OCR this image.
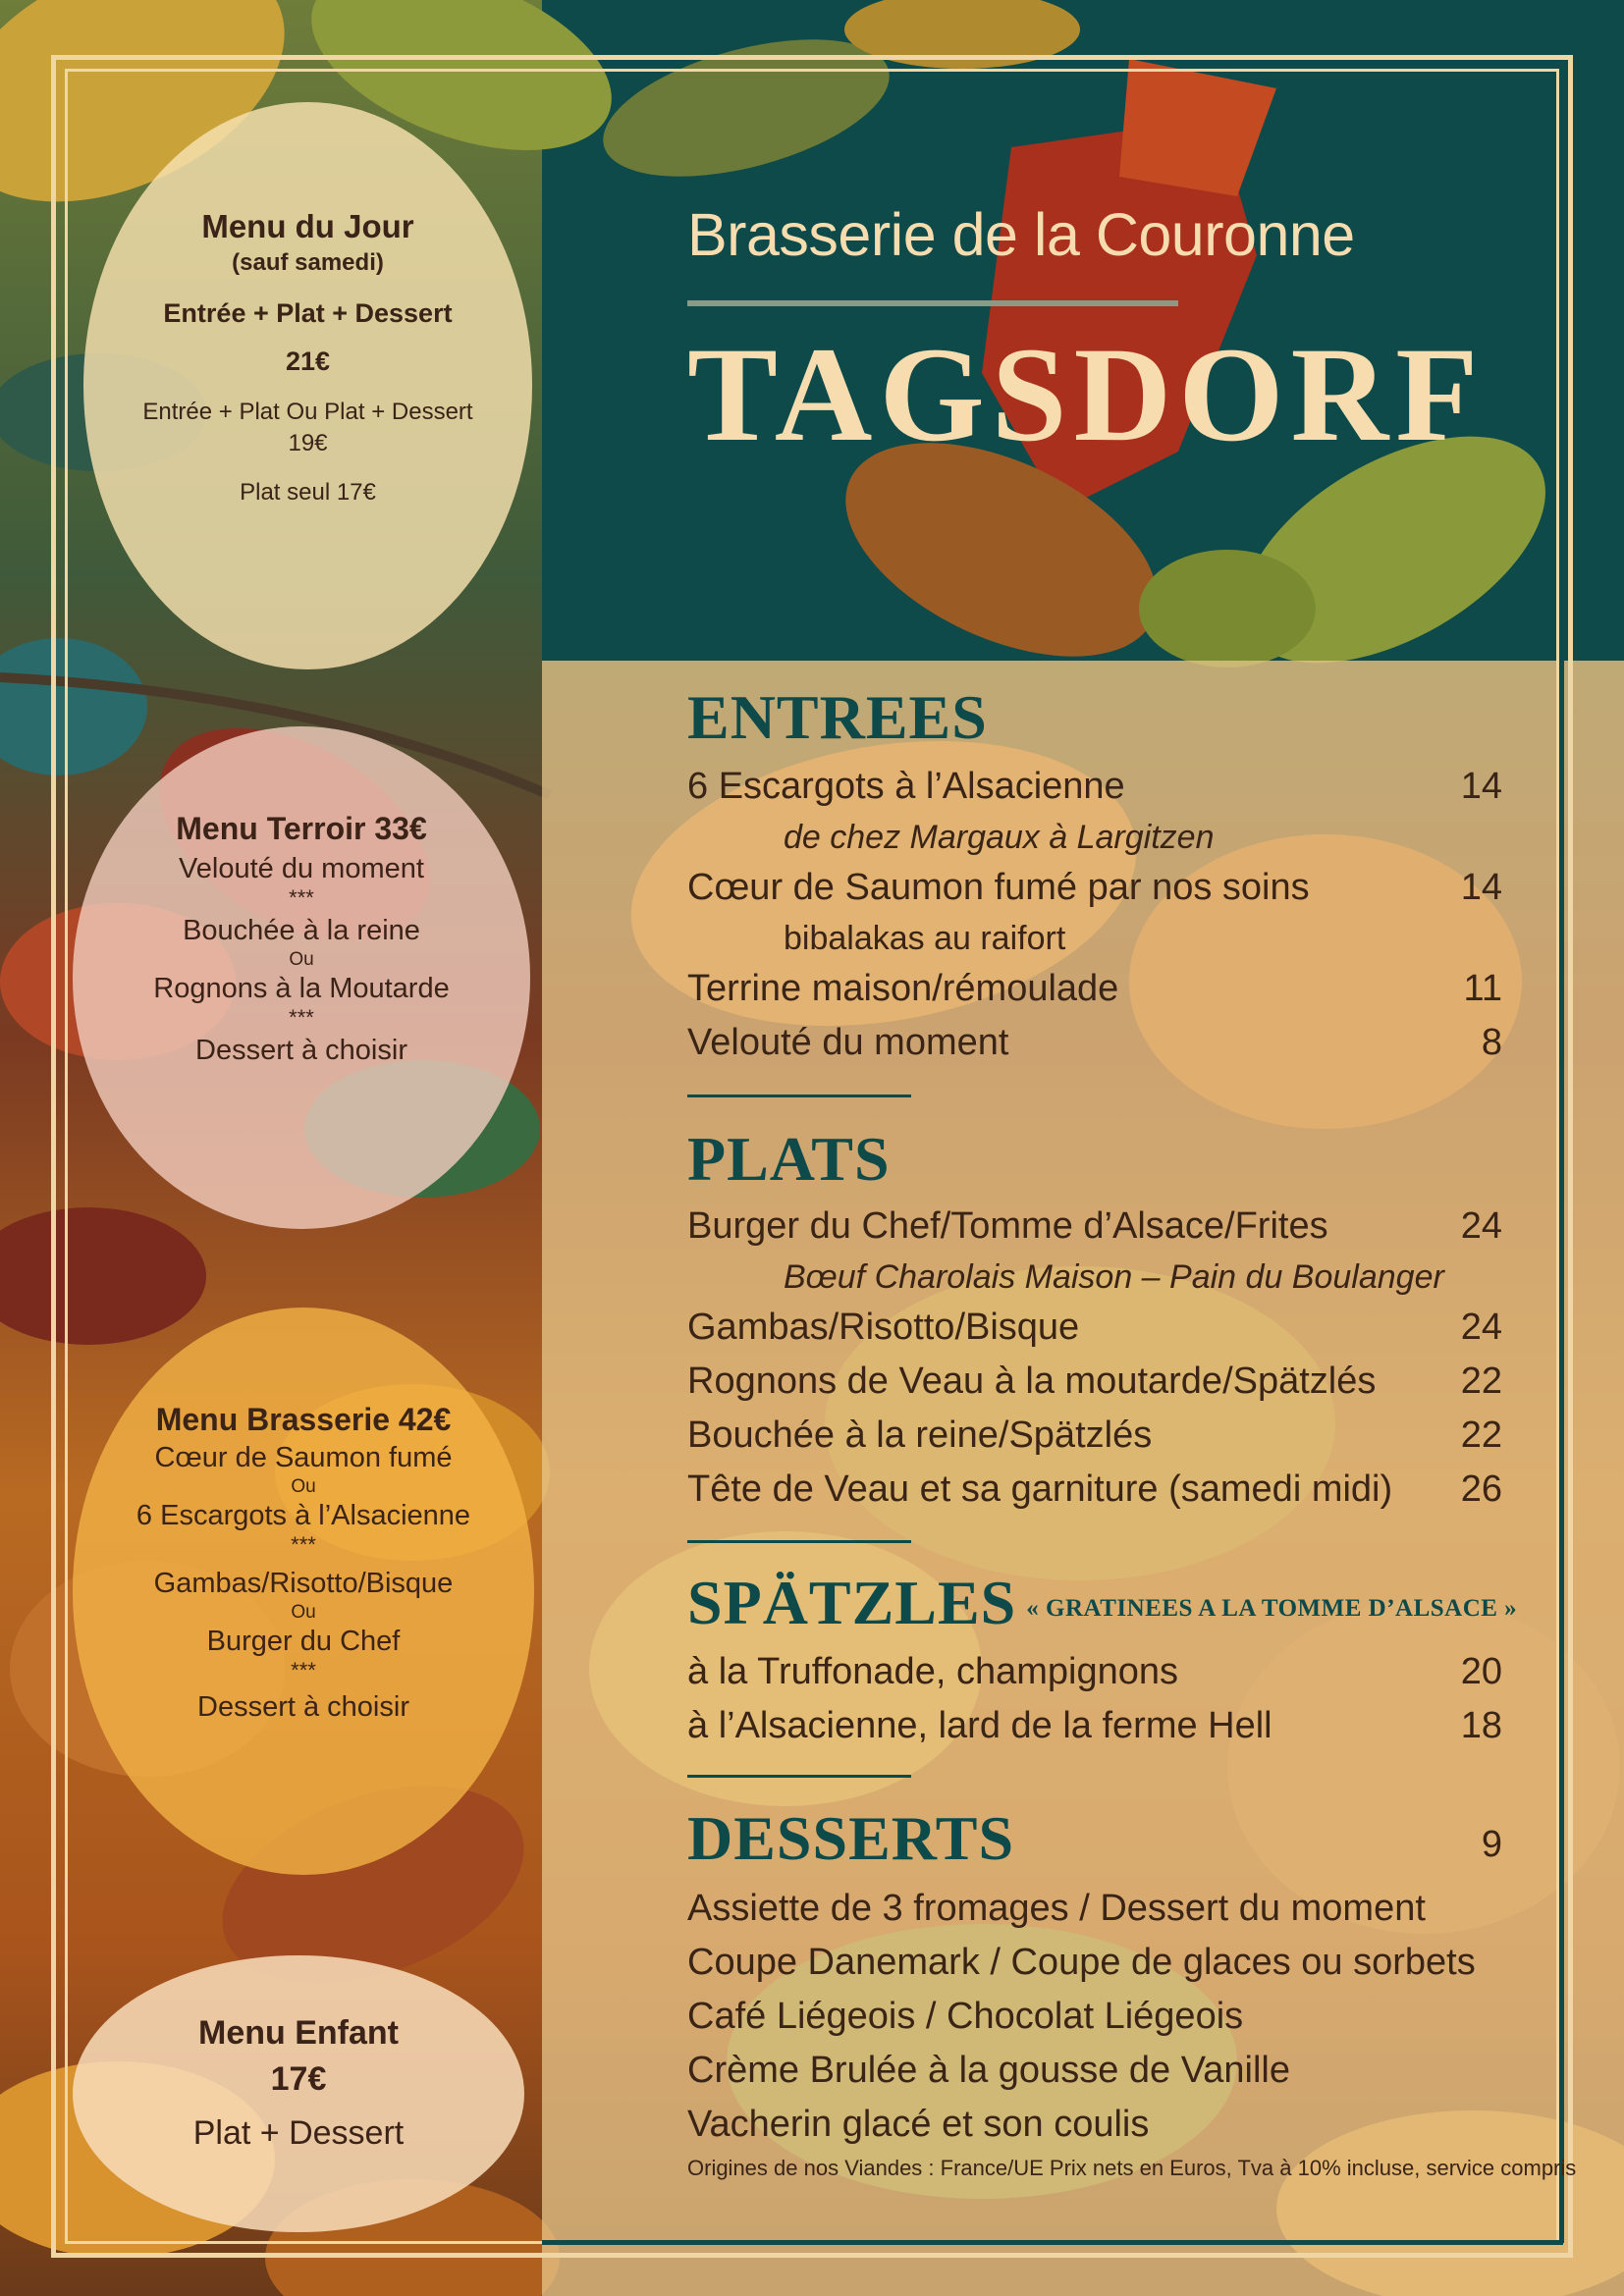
Menu du Jour
(sauf samedi)
Entrée + Plat + Dessert
21€
Entrée + Plat Ou Plat + Dessert
19€
Plat seul 17€
Menu Terroir 33€
Velouté du moment
***
Bouchée à la reine
Ou
Rognons à la Moutarde
***
Dessert à choisir
Menu Brasserie 42€
Cœur de Saumon fumé
Ou
6 Escargots à l’Alsacienne
***
Gambas/Risotto/Bisque
Ou
Burger du Chef
***
Dessert à choisir
Menu Enfant
17€
Plat + Dessert
Brasserie de la Couronne
TAGSDORF
ENTREES
6 Escargots à l’Alsacienne	14
de chez Margaux à Largitzen
Cœur de Saumon fumé par nos soins	14
bibalakas au raifort
Terrine maison/rémoulade	11
Velouté du moment	8
PLATS
Burger du Chef/Tomme d’Alsace/Frites	24
Bœuf Charolais Maison – Pain du Boulanger
Gambas/Risotto/Bisque	24
Rognons de Veau à la moutarde/Spätzlés 22
Bouchée à la reine/Spätzlés	22
Tête de Veau et sa garniture (samedi midi) 26
SPÄTZLES « GRATINEES A LA TOMME D’ALSACE »
à la Truffonade, champignons	20
à l’Alsacienne, lard de la ferme Hell	18
DESSERTS	9
Assiette de 3 fromages / Dessert du moment
Coupe Danemark / Coupe de glaces ou sorbets
Café Liégeois / Chocolat Liégeois
Crème Brulée à la gousse de Vanille
Vacherin glacé et son coulis
Origines de nos Viandes : France/UE Prix nets en Euros, Tva à 10% incluse, service compris
